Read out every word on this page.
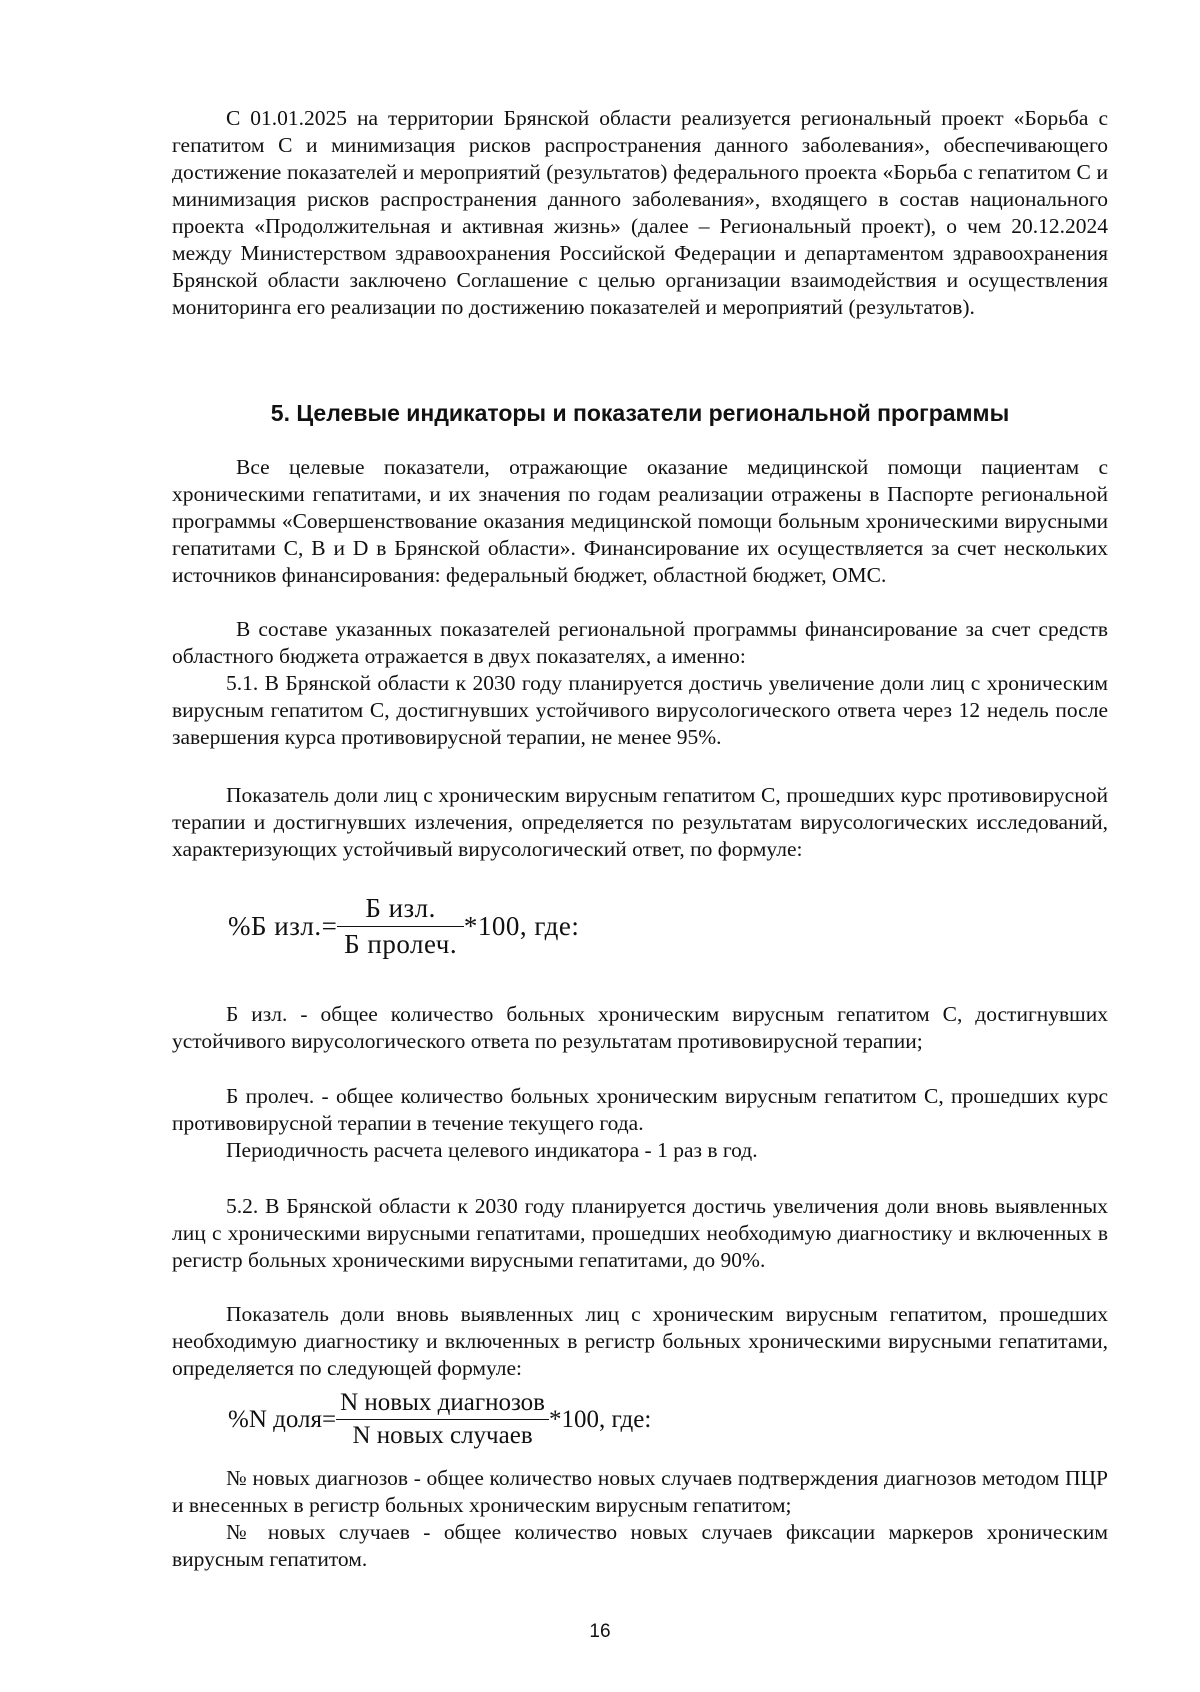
С 01.01.2025 на территории Брянской области реализуется региональный проект «Борьба с гепатитом С и минимизация рисков распространения данного заболевания», обеспечивающего достижение показателей и мероприятий (результатов) федерального проекта «Борьба с гепатитом С и минимизация рисков распространения данного заболевания», входящего в состав национального проекта «Продолжительная и активная жизнь» (далее – Региональный проект), о чем 20.12.2024 между Министерством здравоохранения Российской Федерации и департаментом здравоохранения Брянской области заключено Соглашение с целью организации взаимодействия и осуществления мониторинга его реализации по достижению показателей и мероприятий (результатов).

5. Целевые индикаторы и показатели региональной программы

Все целевые показатели, отражающие оказание медицинской помощи пациентам с хроническими гепатитами, и их значения по годам реализации отражены в Паспорте региональной программы «Совершенствование оказания медицинской помощи больным хроническими вирусными гепатитами С, В и D в Брянской области». Финансирование их осуществляется за счет нескольких источников финансирования: федеральный бюджет, областной бюджет, ОМС.

В составе указанных показателей региональной программы финансирование за счет средств областного бюджета отражается в двух показателях, а именно:

5.1. В Брянской области к 2030 году планируется достичь увеличение доли лиц с хроническим вирусным гепатитом С, достигнувших устойчивого вирусологического ответа через 12 недель после завершения курса противовирусной терапии, не менее 95%.

Показатель доли лиц с хроническим вирусным гепатитом С, прошедших курс противовирусной терапии и достигнувших излечения, определяется по результатам вирусологических исследований, характеризующих устойчивый вирусологический ответ, по формуле:

%Б $изл.= \frac{\text{Б изл.}}{\text{Б пролеч.}} *100$, где:

Б изл. - общее количество больных хроническим вирусным гепатитом С, достигнувших устойчивого вирусологического ответа по результатам противовирусной терапии;

Б пролеч. - общее количество больных хроническим вирусным гепатитом С, прошедших курс противовирусной терапии в течение текущего года.

Периодичность расчета целевого индикатора - 1 раз в год.

5.2. В Брянской области к 2030 году планируется достичь увеличения доли вновь выявленных лиц с хроническими вирусными гепатитами, прошедших необходимую диагностику и включенных в регистр больных хроническими вирусными гепатитами, до 90%.

Показатель доли вновь выявленных лиц с хроническим вирусным гепатитом, прошедших необходимую диагностику и включенных в регистр больных хроническими вирусными гепатитами, определяется по следующей формуле:

%N доля= $\frac{\text{N новых диагнозов}}{\text{N новых случаев}} *100$, где:

№ новых диагнозов - общее количество новых случаев подтверждения диагнозов методом ПЦР и внесенных в регистр больных хроническим вирусным гепатитом;

№ новых случаев - общее количество новых случаев фиксации маркеров хроническим вирусным гепатитом.

16
